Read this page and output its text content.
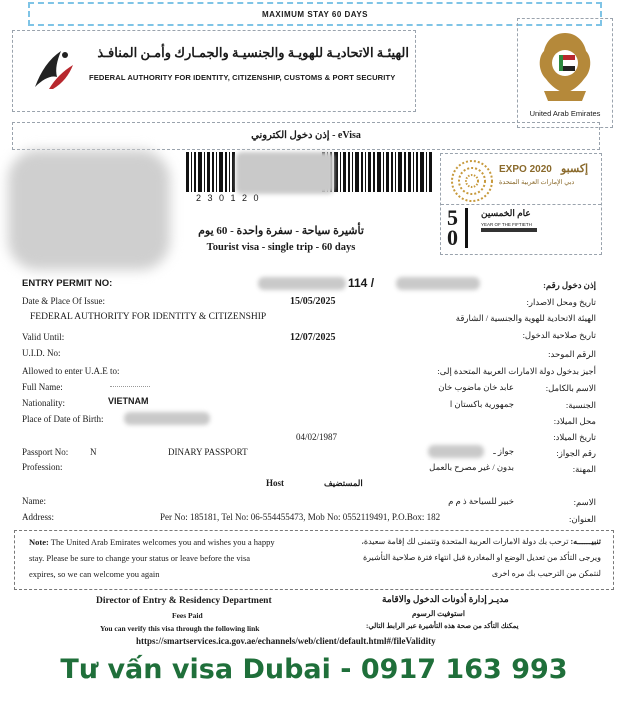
MAXIMUM STAY 60 DAYS
الهيئـة الاتحاديـة للهويـة والجنسيـة والجمـارك وأمـن المنافـذ
FEDERAL AUTHORITY FOR IDENTITY, CITIZENSHIP, CUSTOMS & PORT SECURITY
United Arab Emirates
إذن دخول الكتروني - eVisa
2 3 0 1 2 0
EXPO 2020 إكسبو
دبي الإمارات العربية المتحدة
5 0
عام الخمسين
YEAR OF THE FIFTIETH
تأشيرة سياحة - سفرة واحدة - 60 يوم
Tourist visa - single trip - 60 days
ENTRY PERMIT NO:	114 /	إذن دخول رقم:
Date & Place Of Issue:	15/05/2025	تاريخ ومحل الاصدار:
FEDERAL AUTHORITY FOR IDENTITY & CITIZENSHIP	الهيئة الاتحادية للهوية والجنسية / الشارقة
Valid Until:	12/07/2025	تاريخ صلاحية الدخول:
U.I.D. No:	الرقم الموحد:
Allowed to enter U.A.E to:	أجيز بدخول دولة الامارات العربية المتحدة إلى:
Full Name:	عابد خان ماضوب خان	الاسم بالكامل:
Nationality:	VIETNAM	جمهورية باكستان ا	الجنسية:
Place of Date of Birth:	محل الميلاد:
04/02/1987	تاريخ الميلاد:
Passport No: N	DINARY PASSPORT	جواز ـ	رقم الجواز:
Profession:	بدون / غير مصرح بالعمل	المهنة:
Host	المستضيف
Name:	خبير للسياحة ذ م م	الاسم:
Address:	Per No: 185181, Tel No: 06-554455473, Mob No: 0552119491, P.O.Box: 182	العنوان:
Note: The United Arab Emirates welcomes you and wishes you a happy
stay. Please be sure to change your status or leave before the visa
expires, so we can welcome you again
تنبيــــــه: ترحب بك دولة الامارات العربية المتحدة وتتمنى لك إقامة سعيدة،
ويرجى التأكد من تعديل الوضع او المغادرة قبل انتهاء فترة صلاحية التأشيرة
لنتمكن من الترحيب بك مره اخرى
Director of Entry & Residency Department	مديـر إدارة أذونات الدخول والاقامة
Fees Paid	استوفيت الرسوم
You can verify this visa through the following link	يمكنك التأكد من صحة هذه التأشيرة عبر الرابط التالي:
https://smartservices.ica.gov.ae/echannels/web/client/default.html#/fileValidity
Tư vấn visa Dubai - 0917 163 993
